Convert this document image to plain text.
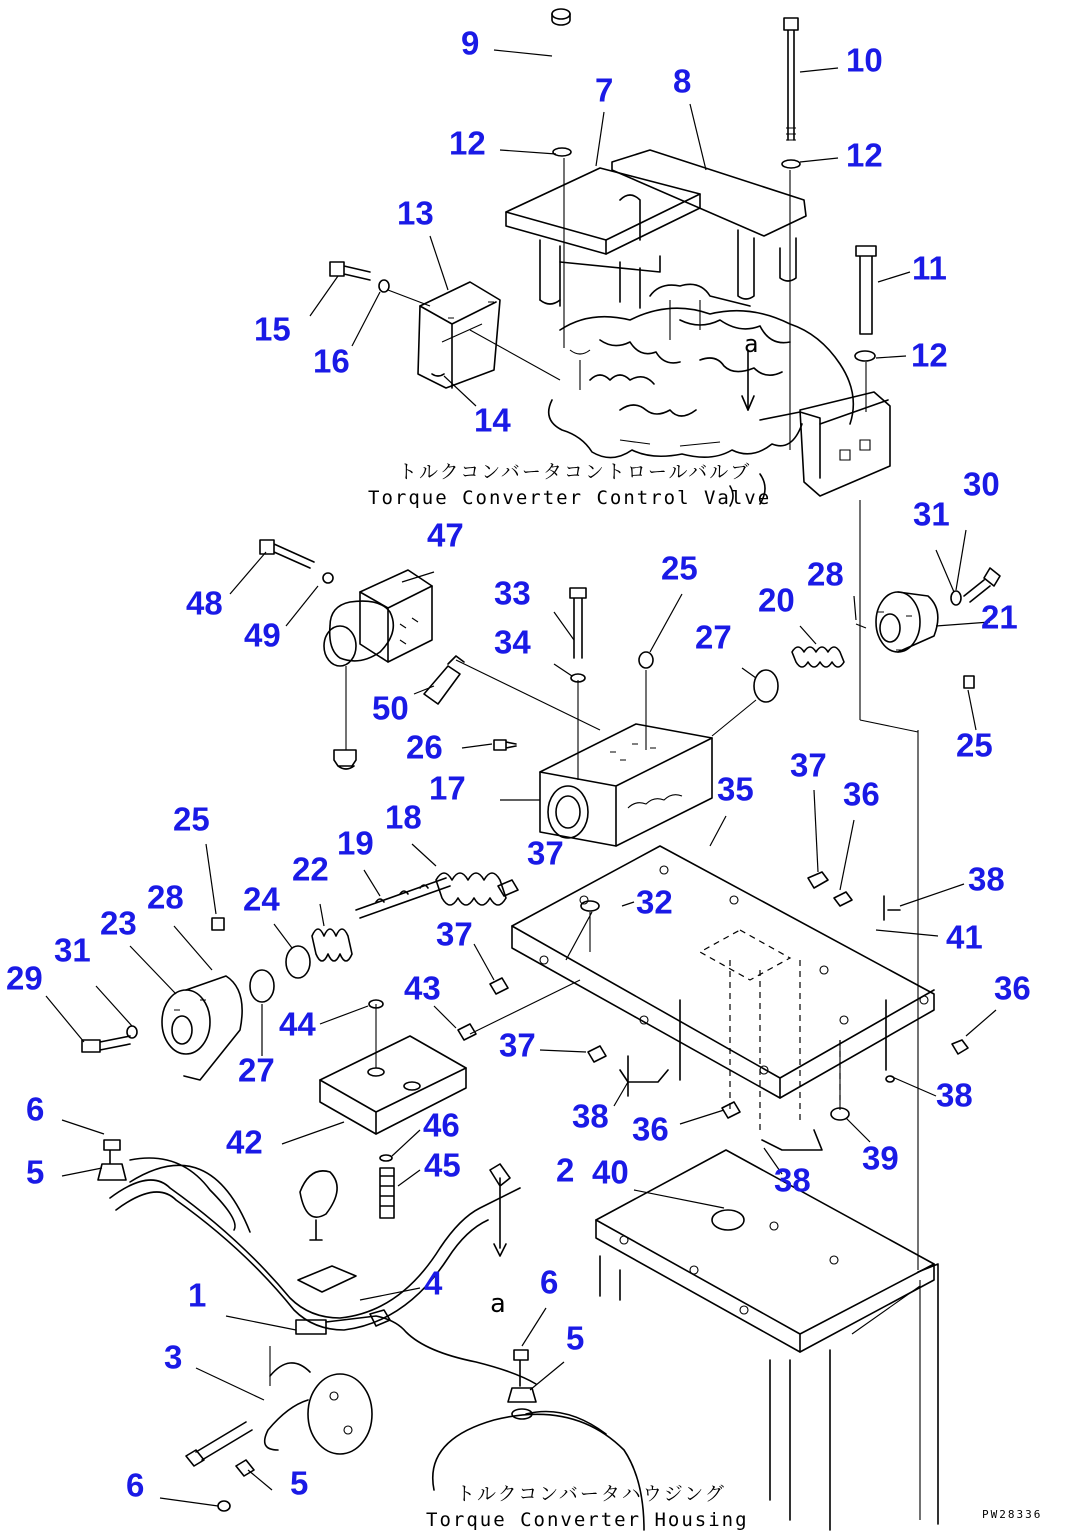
トルクコンバータコントロールバルブ
Torque Converter Control Valve
トルクコンバータハウジング
Torque Converter Housing
a
a
PW28336
9	10
7 8
12	12
13
11
15
16	12
14
30
31
47
25	28
33
48	20	21
49	34	27
50
25
26	37
17	35	36
25	18
19	37
22	38
28 24	32
23	37	41
31
29	43	36
44
37
27
38
6	38
46	36
42	39
45
5	2 40	38
6
4
1
5
3
5
6
